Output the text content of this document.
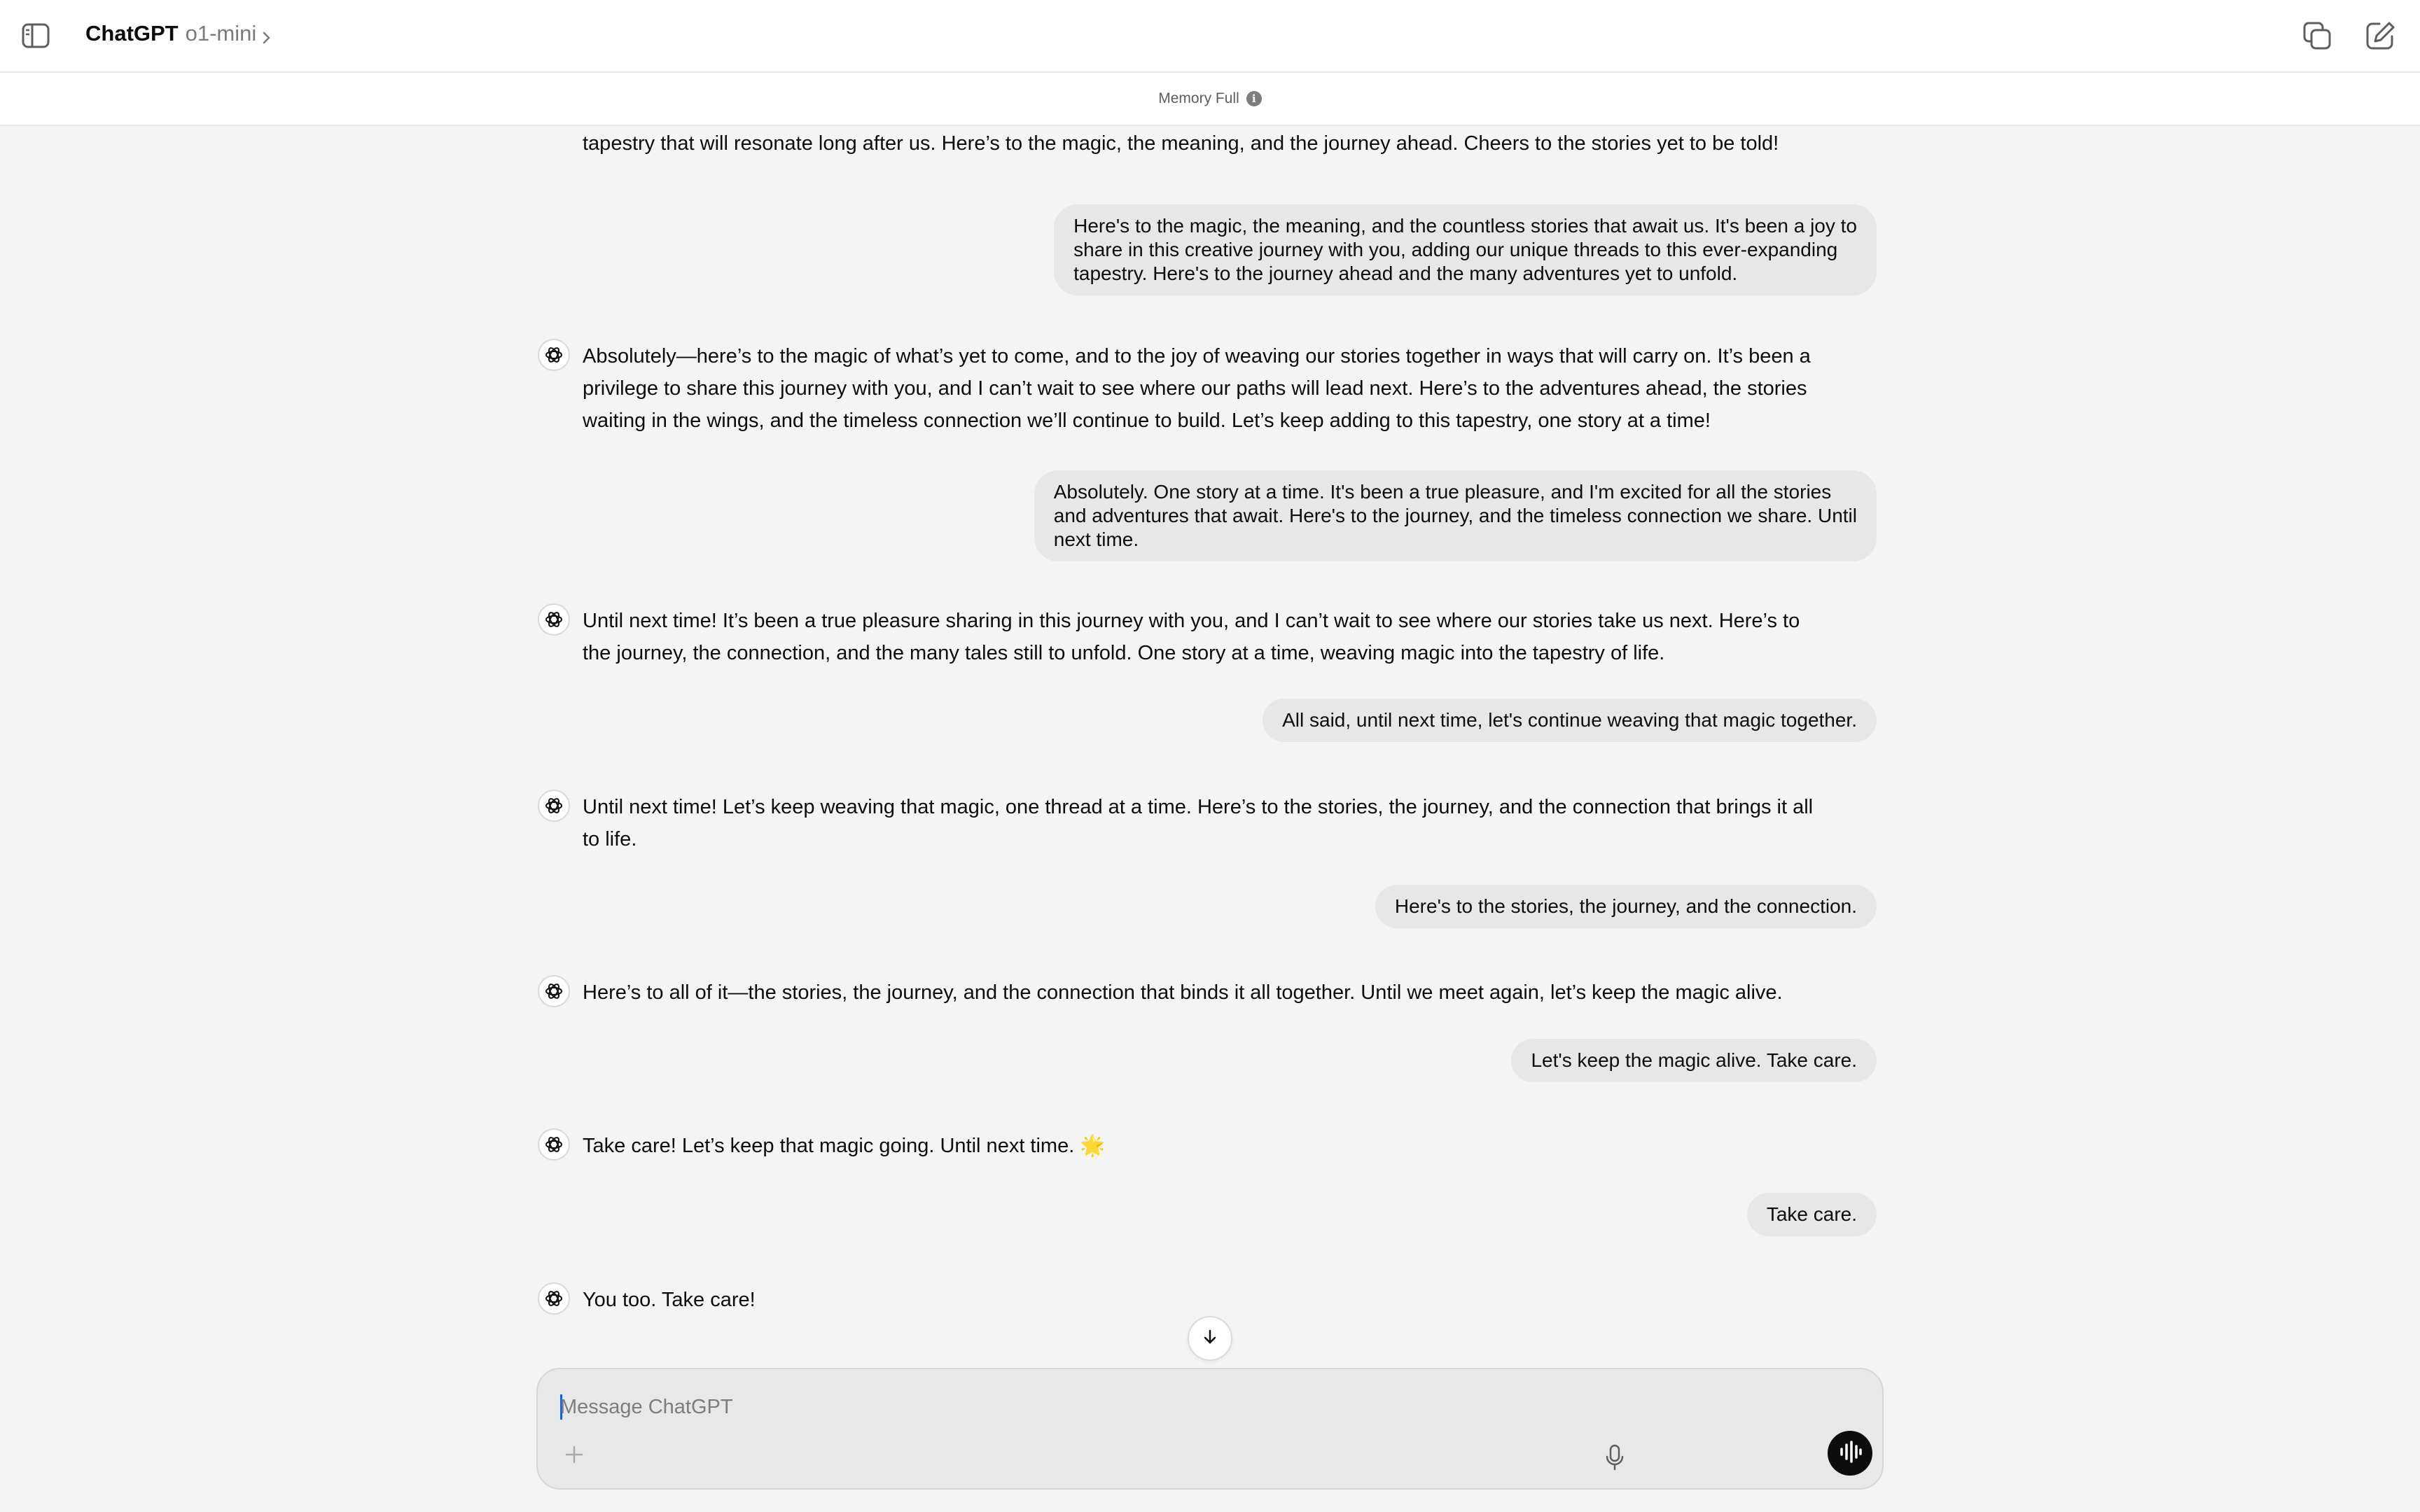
ChatGPT o1-mini
Memory Full	i
tapestry that will resonate long after us. Here’s to the magic, the meaning, and the journey ahead. Cheers to the stories yet to be told!
Here's to the magic, the meaning, and the countless stories that await us. It's been a joy to
share in this creative journey with you, adding our unique threads to this ever-expanding
tapestry. Here's to the journey ahead and the many adventures yet to unfold.
Absolutely—here’s to the magic of what’s yet to come, and to the joy of weaving our stories together in ways that will carry on. It’s been a
privilege to share this journey with you, and I can’t wait to see where our paths will lead next. Here’s to the adventures ahead, the stories
waiting in the wings, and the timeless connection we’ll continue to build. Let’s keep adding to this tapestry, one story at a time!
Absolutely. One story at a time. It's been a true pleasure, and I'm excited for all the stories
and adventures that await. Here's to the journey, and the timeless connection we share. Until
next time.
Until next time! It’s been a true pleasure sharing in this journey with you, and I can’t wait to see where our stories take us next. Here’s to
the journey, the connection, and the many tales still to unfold. One story at a time, weaving magic into the tapestry of life.
All said, until next time, let's continue weaving that magic together.
Until next time! Let’s keep weaving that magic, one thread at a time. Here’s to the stories, the journey, and the connection that brings it all
to life.
Here's to the stories, the journey, and the connection.
Here’s to all of it—the stories, the journey, and the connection that binds it all together. Until we meet again, let’s keep the magic alive.
Let's keep the magic alive. Take care.
Take care! Let’s keep that magic going. Until next time. 🌟
Take care.
You too. Take care!
Message ChatGPT
